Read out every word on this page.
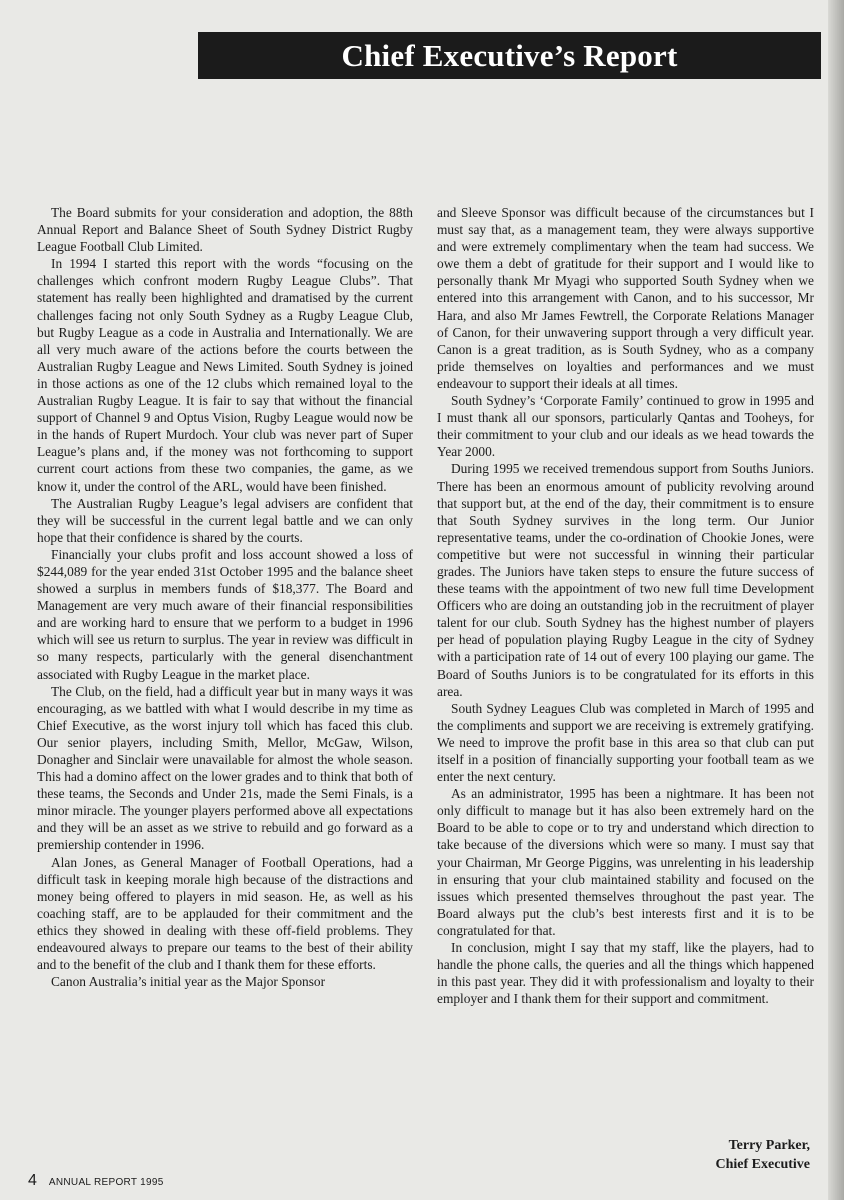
Chief Executive’s Report

The Board submits for your consideration and adoption, the 88th Annual Report and Balance Sheet of South Sydney District Rugby League Football Club Limited.

In 1994 I started this report with the words “focusing on the challenges which confront modern Rugby League Clubs”. That statement has really been highlighted and dramatised by the current challenges facing not only South Sydney as a Rugby League Club, but Rugby League as a code in Australia and Internationally. We are all very much aware of the actions before the courts between the Australian Rugby League and News Limited. South Sydney is joined in those actions as one of the 12 clubs which remained loyal to the Australian Rugby League. It is fair to say that without the financial support of Channel 9 and Optus Vision, Rugby League would now be in the hands of Rupert Murdoch. Your club was never part of Super League’s plans and, if the money was not forthcoming to support current court actions from these two companies, the game, as we know it, under the control of the ARL, would have been finished.

The Australian Rugby League’s legal advisers are confident that they will be successful in the current legal battle and we can only hope that their confidence is shared by the courts.

Financially your clubs profit and loss account showed a loss of $244,089 for the year ended 31st October 1995 and the balance sheet showed a surplus in members funds of $18,377. The Board and Management are very much aware of their financial responsibilities and are working hard to ensure that we perform to a budget in 1996 which will see us return to surplus. The year in review was difficult in so many respects, particularly with the general disenchantment associated with Rugby League in the market place.

The Club, on the field, had a difficult year but in many ways it was encouraging, as we battled with what I would describe in my time as Chief Executive, as the worst injury toll which has faced this club. Our senior players, including Smith, Mellor, McGaw, Wilson, Donagher and Sinclair were unavailable for almost the whole season. This had a domino affect on the lower grades and to think that both of these teams, the Seconds and Under 21s, made the Semi Finals, is a minor miracle. The younger players performed above all expectations and they will be an asset as we strive to rebuild and go forward as a premiership contender in 1996.

Alan Jones, as General Manager of Football Operations, had a difficult task in keeping morale high because of the distractions and money being offered to players in mid season. He, as well as his coaching staff, are to be applauded for their commitment and the ethics they showed in dealing with these off-field problems. They endeavoured always to prepare our teams to the best of their ability and to the benefit of the club and I thank them for these efforts.

Canon Australia’s initial year as the Major Sponsor

and Sleeve Sponsor was difficult because of the circumstances but I must say that, as a management team, they were always supportive and were extremely complimentary when the team had success. We owe them a debt of gratitude for their support and I would like to personally thank Mr Myagi who supported South Sydney when we entered into this arrangement with Canon, and to his successor, Mr Hara, and also Mr James Fewtrell, the Corporate Relations Manager of Canon, for their unwavering support through a very difficult year. Canon is a great tradition, as is South Sydney, who as a company pride themselves on loyalties and performances and we must endeavour to support their ideals at all times.

South Sydney’s ‘Corporate Family’ continued to grow in 1995 and I must thank all our sponsors, particularly Qantas and Tooheys, for their commitment to your club and our ideals as we head towards the Year 2000.

During 1995 we received tremendous support from Souths Juniors. There has been an enormous amount of publicity revolving around that support but, at the end of the day, their commitment is to ensure that South Sydney survives in the long term. Our Junior representative teams, under the co-ordination of Chookie Jones, were competitive but were not successful in winning their particular grades. The Juniors have taken steps to ensure the future success of these teams with the appointment of two new full time Development Officers who are doing an outstanding job in the recruitment of player talent for our club. South Sydney has the highest number of players per head of population playing Rugby League in the city of Sydney with a participation rate of 14 out of every 100 playing our game. The Board of Souths Juniors is to be congratulated for its efforts in this area.

South Sydney Leagues Club was completed in March of 1995 and the compliments and support we are receiving is extremely gratifying. We need to improve the profit base in this area so that club can put itself in a position of financially supporting your football team as we enter the next century.

As an administrator, 1995 has been a nightmare. It has been not only difficult to manage but it has also been extremely hard on the Board to be able to cope or to try and understand which direction to take because of the diversions which were so many. I must say that your Chairman, Mr George Piggins, was unrelenting in his leadership in ensuring that your club maintained stability and focused on the issues which presented themselves throughout the past year. The Board always put the club’s best interests first and it is to be congratulated for that.

In conclusion, might I say that my staff, like the players, had to handle the phone calls, the queries and all the things which happened in this past year. They did it with professionalism and loyalty to their employer and I thank them for their support and commitment.

Terry Parker,
Chief Executive
4 ANNUAL REPORT 1995
